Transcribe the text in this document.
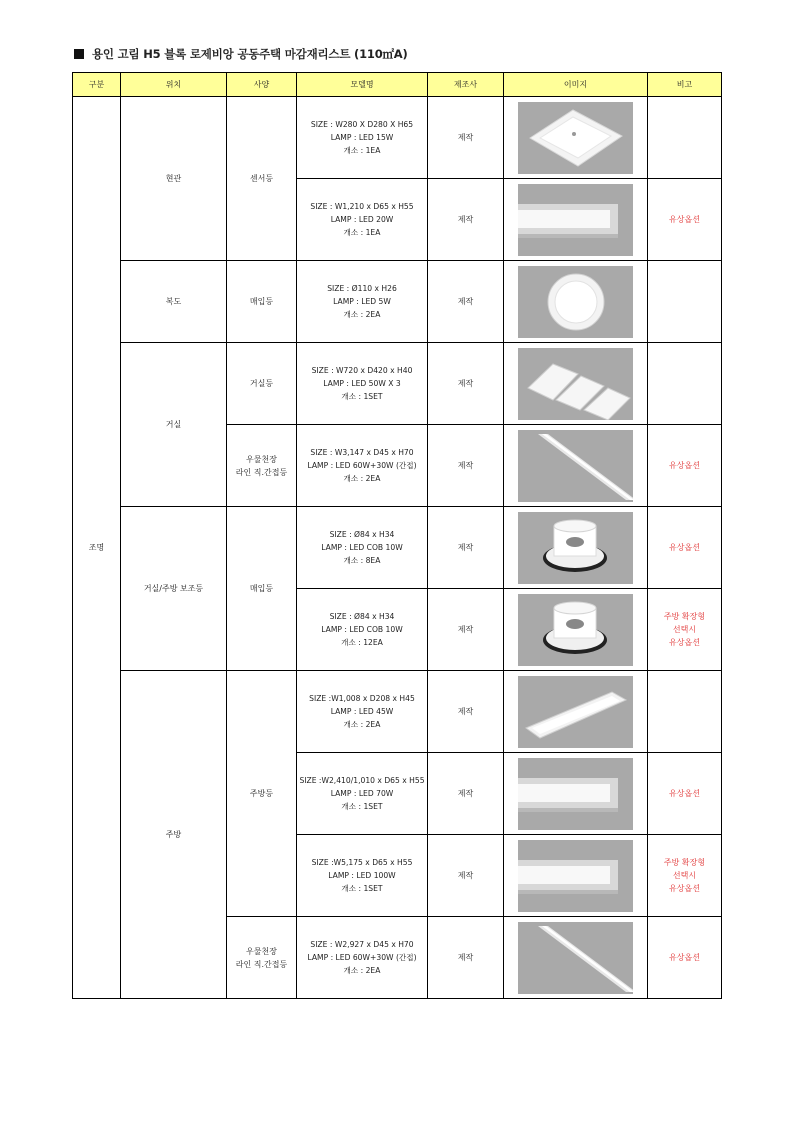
용인 고림 H5 블록 로제비앙 공동주택 마감재리스트 (110㎡A)
구분	위치	사양	모델명	제조사	이미지	비고
조명	현관	센서등	SIZE : W280 X D280 X H65
LAMP : LED 15W
개소 : 1EA	제작	

			SIZE : W1,210 x D65 x H55
LAMP : LED 20W
개소 : 1EA	제작		유상옵션
	복도	매입등	SIZE : Ø110 x H26
LAMP : LED 5W
개소 : 2EA	제작	

	거실	거실등	SIZE : W720 x D420 x H40
LAMP : LED 50W X 3
개소 : 1SET	제작	

		우물천장
라인 직.간접등	SIZE : W3,147 x D45 x H70
LAMP : LED 60W+30W (간접)
개소 : 2EA	제작		유상옵션
	거실/주방 보조등	매입등	SIZE : Ø84 x H34
LAMP : LED COB 10W
개소 : 8EA	제작		유상옵션
			SIZE : Ø84 x H34
LAMP : LED COB 10W
개소 : 12EA	제작		주방 확장형
선택시
유상옵션
	주방	주방등	SIZE :W1,008 x D208 x H45
LAMP : LED 45W
개소 : 2EA	제작	

			SIZE :W2,410/1,010 x D65 x H55
LAMP : LED 70W
개소 : 1SET	제작		유상옵션
			SIZE :W5,175 x D65 x H55
LAMP : LED 100W
개소 : 1SET	제작		주방 확장형
선택시
유상옵션
		우물천장
라인 직.간접등	SIZE : W2,927 x D45 x H70
LAMP : LED 60W+30W (간접)
개소 : 2EA	제작		유상옵션
